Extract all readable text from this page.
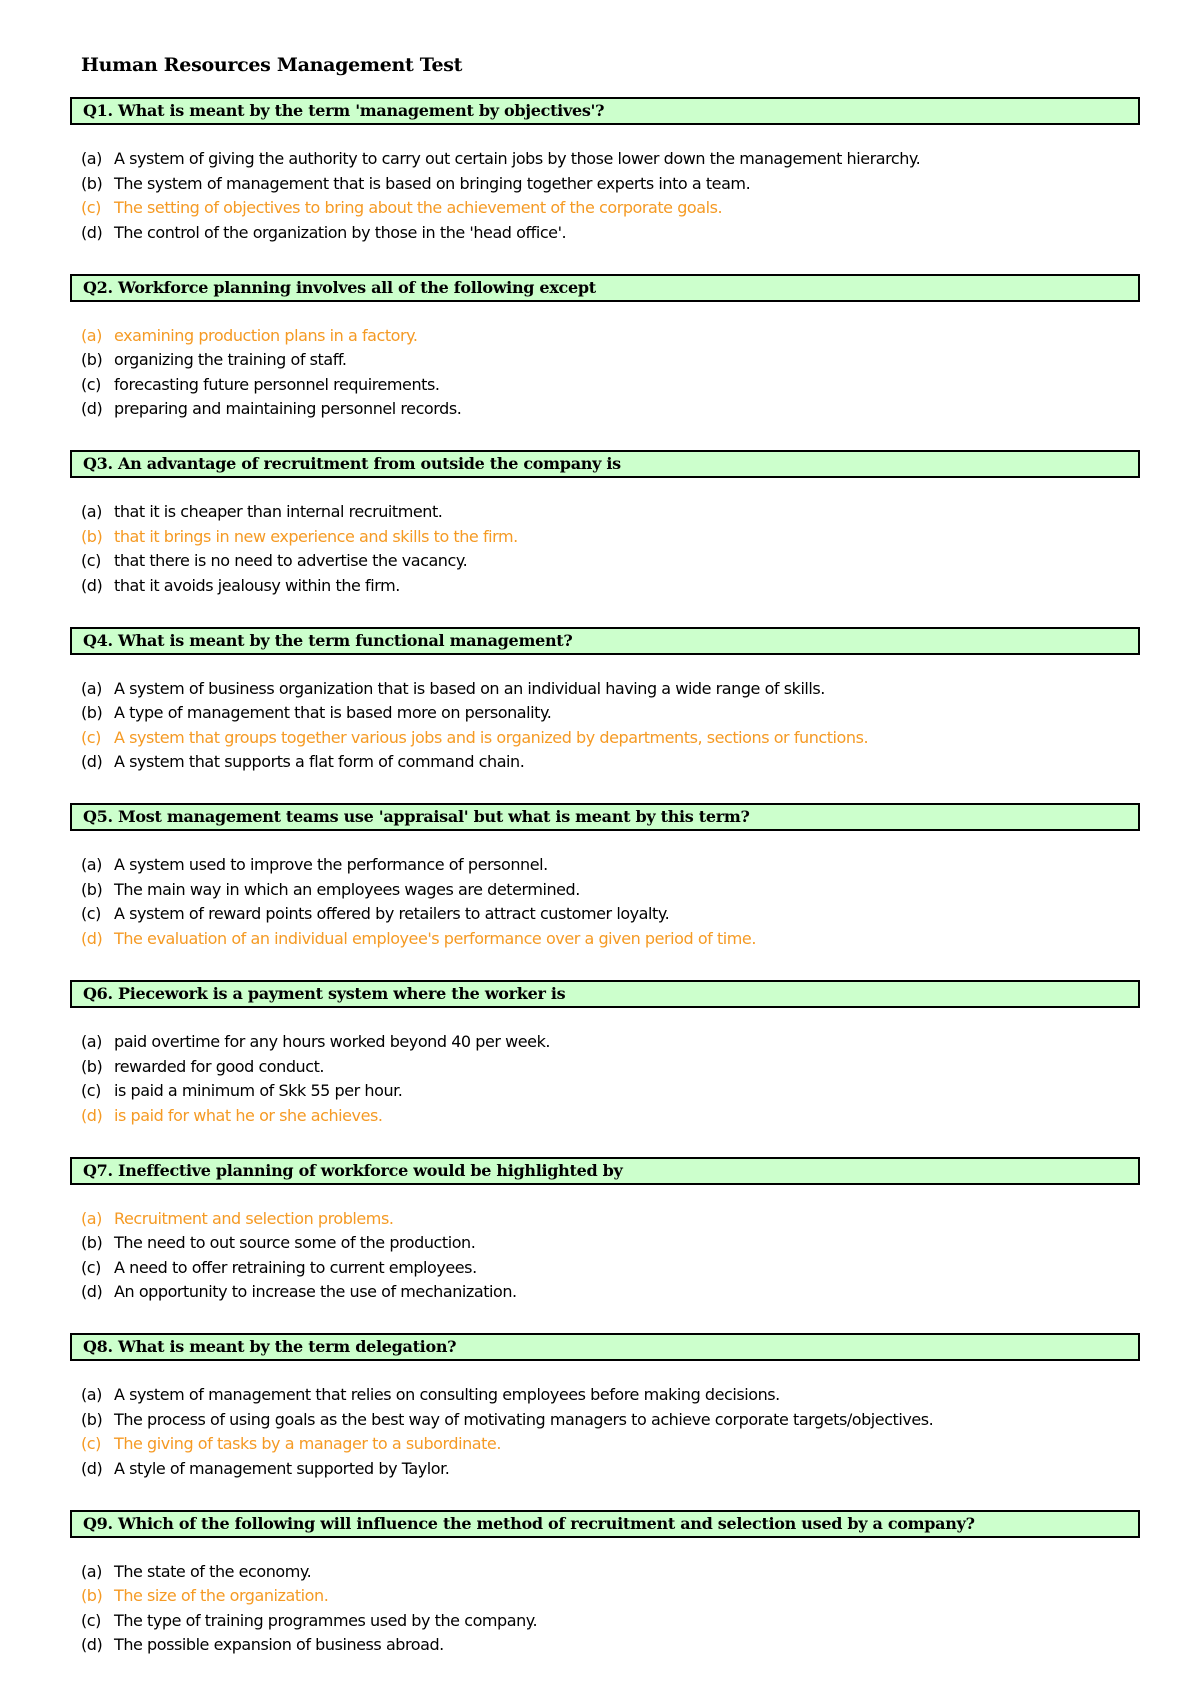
Human Resources Management Test
Q1. What is meant by the term 'management by objectives'?
(a) A system of giving the authority to carry out certain jobs by those lower down the management hierarchy.
(b) The system of management that is based on bringing together experts into a team.
(c) The setting of objectives to bring about the achievement of the corporate goals.
(d) The control of the organization by those in the 'head office'.
Q2. Workforce planning involves all of the following except
(a) examining production plans in a factory.
(b) organizing the training of staff.
(c) forecasting future personnel requirements.
(d) preparing and maintaining personnel records.
Q3. An advantage of recruitment from outside the company is
(a) that it is cheaper than internal recruitment.
(b) that it brings in new experience and skills to the firm.
(c) that there is no need to advertise the vacancy.
(d) that it avoids jealousy within the firm.
Q4. What is meant by the term functional management?
(a) A system of business organization that is based on an individual having a wide range of skills.
(b) A type of management that is based more on personality.
(c) A system that groups together various jobs and is organized by departments, sections or functions.
(d) A system that supports a flat form of command chain.
Q5. Most management teams use 'appraisal' but what is meant by this term?
(a) A system used to improve the performance of personnel.
(b) The main way in which an employees wages are determined.
(c) A system of reward points offered by retailers to attract customer loyalty.
(d) The evaluation of an individual employee's performance over a given period of time.
Q6. Piecework is a payment system where the worker is
(a) paid overtime for any hours worked beyond 40 per week.
(b) rewarded for good conduct.
(c) is paid a minimum of Skk 55 per hour.
(d) is paid for what he or she achieves.
Q7. Ineffective planning of workforce would be highlighted by
(a) Recruitment and selection problems.
(b) The need to out source some of the production.
(c) A need to offer retraining to current employees.
(d) An opportunity to increase the use of mechanization.
Q8. What is meant by the term delegation?
(a) A system of management that relies on consulting employees before making decisions.
(b) The process of using goals as the best way of motivating managers to achieve corporate targets/objectives.
(c) The giving of tasks by a manager to a subordinate.
(d) A style of management supported by Taylor.
Q9. Which of the following will influence the method of recruitment and selection used by a company?
(a) The state of the economy.
(b) The size of the organization.
(c) The type of training programmes used by the company.
(d) The possible expansion of business abroad.
